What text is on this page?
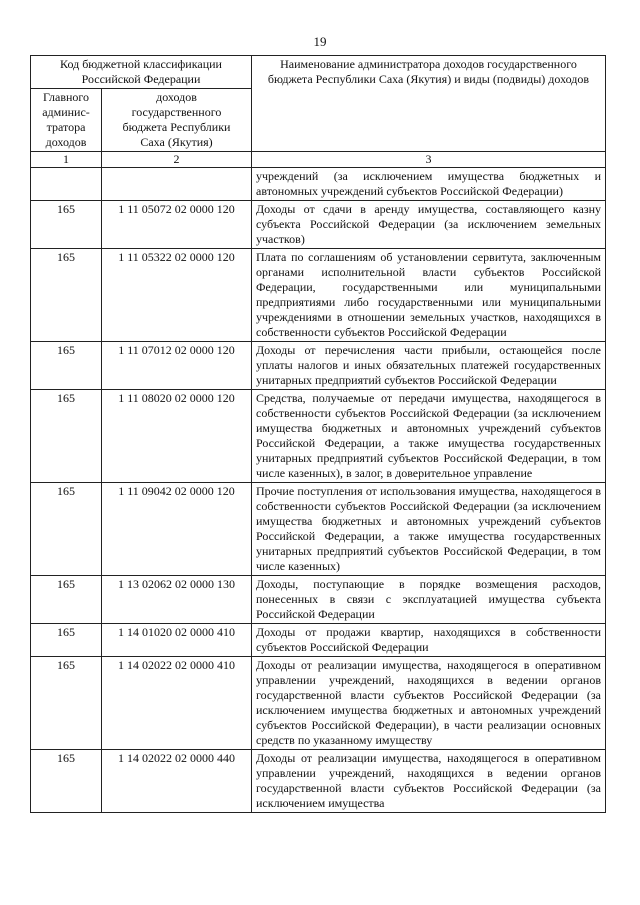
19
Код бюджетной классификации Российской Федерации		Наименование администратора доходов государственного бюджета Республики Саха (Якутия) и виды (подвиды) доходов
Главного админис-тратора доходов	доходов государственного бюджета Республики Саха (Якутия)	
1	2	3
		учреждений (за исключением имущества бюджетных и автономных учреждений субъектов Российской Федерации)
165	1 11 05072 02 0000 120	Доходы от сдачи в аренду имущества, составляющего казну субъекта Российской Федерации (за исключением земельных участков)
165	1 11 05322 02 0000 120	Плата по соглашениям об установлении сервитута, заключенным органами исполнительной власти субъектов Российской Федерации, государственными или муниципальными предприятиями либо государственными или муниципальными учреждениями в отношении земельных участков, находящихся в собственности субъектов Российской Федерации
165	1 11 07012 02 0000 120	Доходы от перечисления части прибыли, остающейся после уплаты налогов и иных обязательных платежей государственных унитарных предприятий субъектов Российской Федерации
165	1 11 08020 02 0000 120	Средства, получаемые от передачи имущества, находящегося в собственности субъектов Российской Федерации (за исключением имущества бюджетных и автономных учреждений субъектов Российской Федерации, а также имущества государственных унитарных предприятий субъектов Российской Федерации, в том числе казенных), в залог, в доверительное управление
165	1 11 09042 02 0000 120	Прочие поступления от использования имущества, находящегося в собственности субъектов Российской Федерации (за исключением имущества бюджетных и автономных учреждений субъектов Российской Федерации, а также имущества государственных унитарных предприятий субъектов Российской Федерации, в том числе казенных)
165	1 13 02062 02 0000 130	Доходы, поступающие в порядке возмещения расходов, понесенных в связи с эксплуатацией имущества субъекта Российской Федерации
165	1 14 01020 02 0000 410	Доходы от продажи квартир, находящихся в собственности субъектов Российской Федерации
165	1 14 02022 02 0000 410	Доходы от реализации имущества, находящегося в оперативном управлении учреждений, находящихся в ведении органов государственной власти субъектов Российской Федерации (за исключением имущества бюджетных и автономных учреждений субъектов Российской Федерации), в части реализации основных средств по указанному имуществу
165	1 14 02022 02 0000 440	Доходы от реализации имущества, находящегося в оперативном управлении учреждений, находящихся в ведении органов государственной власти субъектов Российской Федерации (за исключением имущества
